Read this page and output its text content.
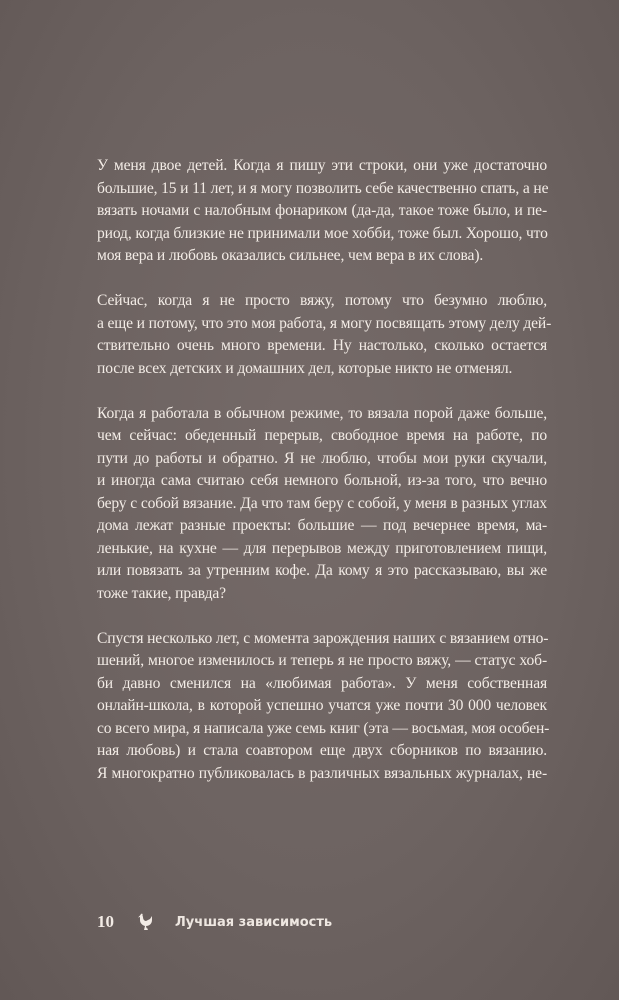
У меня двое детей. Когда я пишу эти строки, они уже достаточно
большие, 15 и 11 лет, и я могу позволить себе качественно спать, а не
вязать ночами с налобным фонариком (да-да, такое тоже было, и пе-
риод, когда близкие не принимали мое хобби, тоже был. Хорошо, что
моя вера и любовь оказались сильнее, чем вера в их слова).
Сейчас, когда я не просто вяжу, потому что безумно люблю,
а еще и потому, что это моя работа, я могу посвящать этому делу дей-
ствительно очень много времени. Ну настолько, сколько остается
после всех детских и домашних дел, которые никто не отменял.
Когда я работала в обычном режиме, то вязала порой даже больше,
чем сейчас: обеденный перерыв, свободное время на работе, по
пути до работы и обратно. Я не люблю, чтобы мои руки скучали,
и иногда сама считаю себя немного больной, из-за того, что вечно
беру с собой вязание. Да что там беру с собой, у меня в разных углах
дома лежат разные проекты: большие — под вечернее время, ма-
ленькие, на кухне — для перерывов между приготовлением пищи,
или повязать за утренним кофе. Да кому я это рассказываю, вы же
тоже такие, правда?
Спустя несколько лет, с момента зарождения наших с вязанием отно-
шений, многое изменилось и теперь я не просто вяжу, — статус хоб-
би давно сменился на «любимая работа». У меня собственная
онлайн-школа, в которой успешно учатся уже почти 30 000 человек
со всего мира, я написала уже семь книг (эта — восьмая, моя особен-
ная любовь) и стала соавтором еще двух сборников по вязанию.
Я многократно публиковалась в различных вязальных журналах, не-
10	Лучшая зависимость
